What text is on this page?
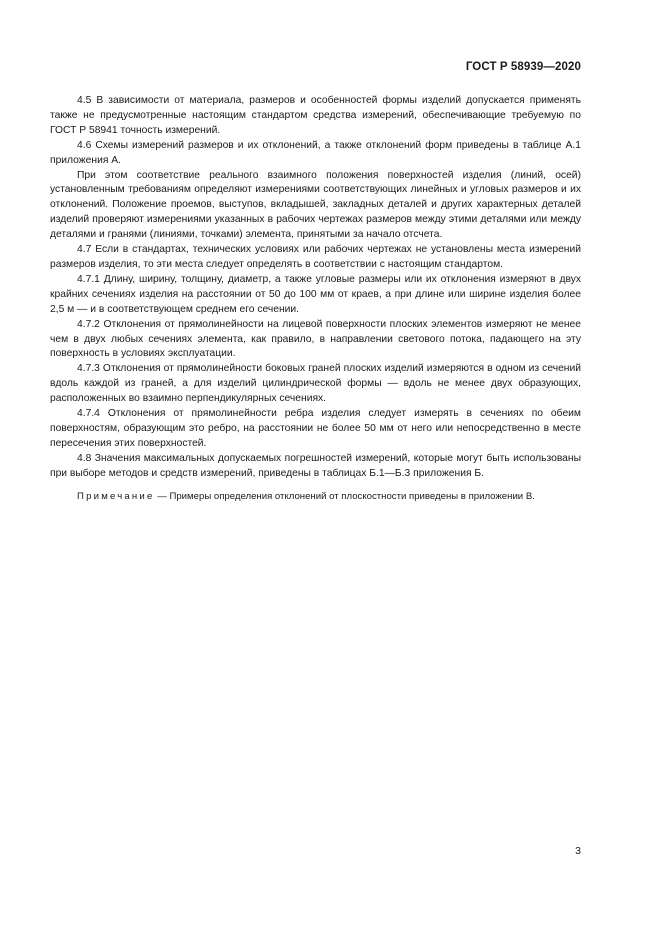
ГОСТ Р 58939—2020

4.5 В зависимости от материала, размеров и особенностей формы изделий допускается применять также не предусмотренные настоящим стандартом средства измерений, обеспечивающие требуемую по ГОСТ Р 58941 точность измерений.

4.6 Схемы измерений размеров и их отклонений, а также отклонений форм приведены в таблице А.1 приложения А.

При этом соответствие реального взаимного положения поверхностей изделия (линий, осей) установленным требованиям определяют измерениями соответствующих линейных и угловых размеров и их отклонений. Положение проемов, выступов, вкладышей, закладных деталей и других характерных деталей изделий проверяют измерениями указанных в рабочих чертежах размеров между этими деталями или между деталями и гранями (линиями, точками) элемента, принятыми за начало отсчета.

4.7 Если в стандартах, технических условиях или рабочих чертежах не установлены места измерений размеров изделия, то эти места следует определять в соответствии с настоящим стандартом.

4.7.1 Длину, ширину, толщину, диаметр, а также угловые размеры или их отклонения измеряют в двух крайних сечениях изделия на расстоянии от 50 до 100 мм от краев, а при длине или ширине изделия более 2,5 м — и в соответствующем среднем его сечении.

4.7.2 Отклонения от прямолинейности на лицевой поверхности плоских элементов измеряют не менее чем в двух любых сечениях элемента, как правило, в направлении светового потока, падающего на эту поверхность в условиях эксплуатации.

4.7.3 Отклонения от прямолинейности боковых граней плоских изделий измеряются в одном из сечений вдоль каждой из граней, а для изделий цилиндрической формы — вдоль не менее двух образующих, расположенных во взаимно перпендикулярных сечениях.

4.7.4 Отклонения от прямолинейности ребра изделия следует измерять в сечениях по обеим поверхностям, образующим это ребро, на расстоянии не более 50 мм от него или непосредственно в месте пересечения этих поверхностей.

4.8 Значения максимальных допускаемых погрешностей измерений, которые могут быть использованы при выборе методов и средств измерений, приведены в таблицах Б.1—Б.3 приложения Б.

Примечание — Примеры определения отклонений от плоскостности приведены в приложении В.

3
